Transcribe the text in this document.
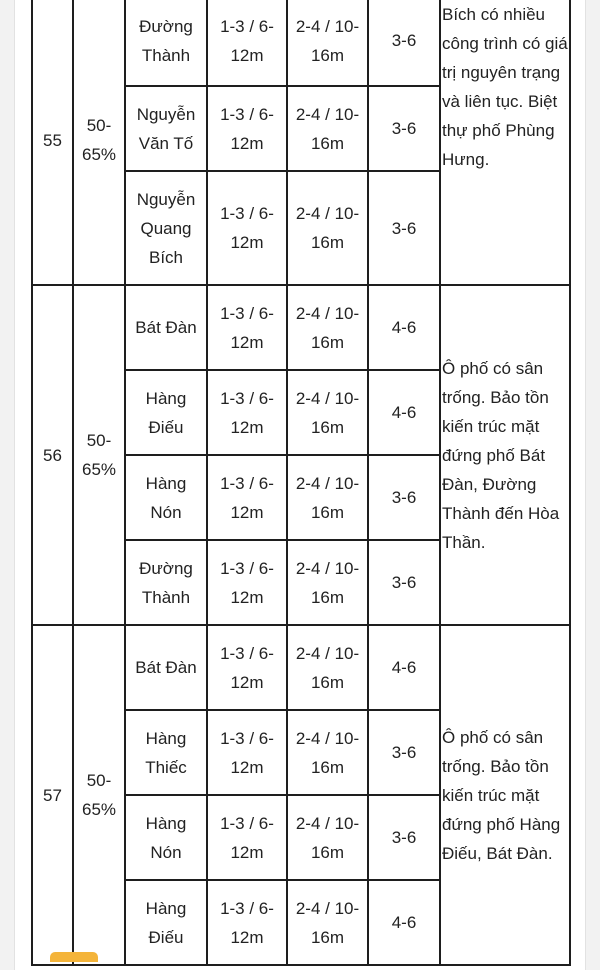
55	50-65%	Đường Thành	1-3 / 6-12m	2-4 / 10-16m	3-6	Bích có nhiều công trình có giá trị nguyên trạng và liên tục. Biệt thự phố Phùng Hưng.
		Nguyễn Văn Tố	1-3 / 6-12m	2-4 / 10-16m	3-6	
		Nguyễn Quang Bích	1-3 / 6-12m	2-4 / 10-16m	3-6	
56	50-65%	Bát Đàn	1-3 / 6-12m	2-4 / 10-16m	4-6	Ô phố có sân trống. Bảo tồn kiến trúc mặt đứng phố Bát Đàn, Đường Thành đến Hòa Thần.
		Hàng Điếu	1-3 / 6-12m	2-4 / 10-16m	4-6	
		Hàng Nón	1-3 / 6-12m	2-4 / 10-16m	3-6	
		Đường Thành	1-3 / 6-12m	2-4 / 10-16m	3-6	
57	50-65%	Bát Đàn	1-3 / 6-12m	2-4 / 10-16m	4-6	Ô phố có sân trống. Bảo tồn kiến trúc mặt đứng phố Hàng Điếu, Bát Đàn.
		Hàng Thiếc	1-3 / 6-12m	2-4 / 10-16m	3-6	
		Hàng Nón	1-3 / 6-12m	2-4 / 10-16m	3-6	
		Hàng Điếu	1-3 / 6-12m	2-4 / 10-16m	4-6	
